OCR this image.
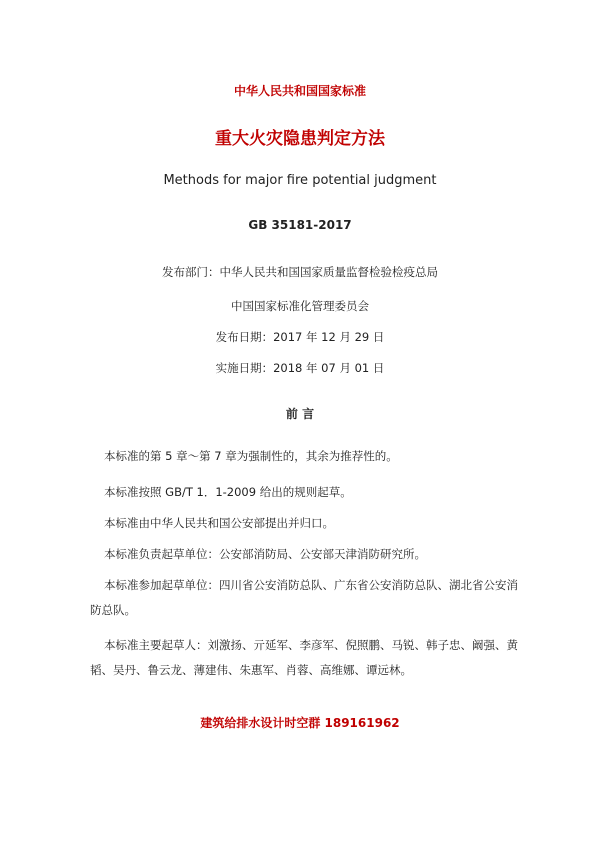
中华人民共和国国家标准
重大火灾隐患判定方法
Methods for major fire potential judgment
GB 35181-2017
发布部门：中华人民共和国国家质量监督检验检疫总局
中国国家标准化管理委员会
发布日期：2017 年 12 月 29 日
实施日期：2018 年 07 月 01 日
前 言

本标准的第 5 章～第 7 章为强制性的，其余为推荐性的。

本标准按照 GB/T 1．1-2009 给出的规则起草。

本标准由中华人民共和国公安部提出并归口。

本标准负责起草单位：公安部消防局、公安部天津消防研究所。

本标准参加起草单位：四川省公安消防总队、广东省公安消防总队、湖北省公安消防总队。

本标准主要起草人：刘激扬、亓延军、李彦军、倪照鹏、马锐、韩子忠、阚强、黄韬、吴丹、鲁云龙、薄建伟、朱惠军、肖蓉、高维娜、谭远林。

建筑给排水设计时空群 189161962
